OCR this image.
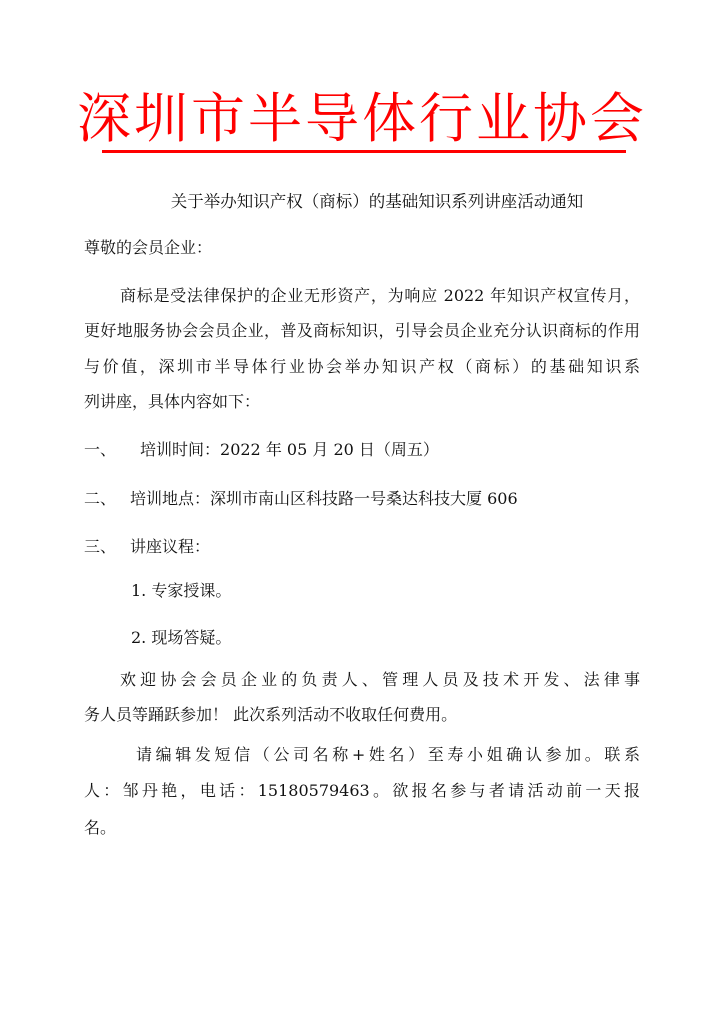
深圳市半导体行业协会
关于举办知识产权（商标）的基础知识系列讲座活动通知
尊敬的会员企业：
商标是受法律保护的企业无形资产，为响应 2022 年知识产权宣传月，
更好地服务协会会员企业，普及商标知识，引导会员企业充分认识商标的作用
与价值，深圳市半导体行业协会举办知识产权（商标）的基础知识系
列讲座，具体内容如下：
一、 培训时间：2022 年 05 月 20 日（周五）
二、 培训地点：深圳市南山区科技路一号桑达科技大厦 606
三、 讲座议程：
1. 专家授课。
2. 现场答疑。
欢迎协会会员企业的负责人、管理人员及技术开发、法律事
务人员等踊跃参加！ 此次系列活动不收取任何费用。
请编辑发短信（公司名称+姓名）至寿小姐确认参加。联系
人：邹丹艳，电话：15180579463。欲报名参与者请活动前一天报
名。
